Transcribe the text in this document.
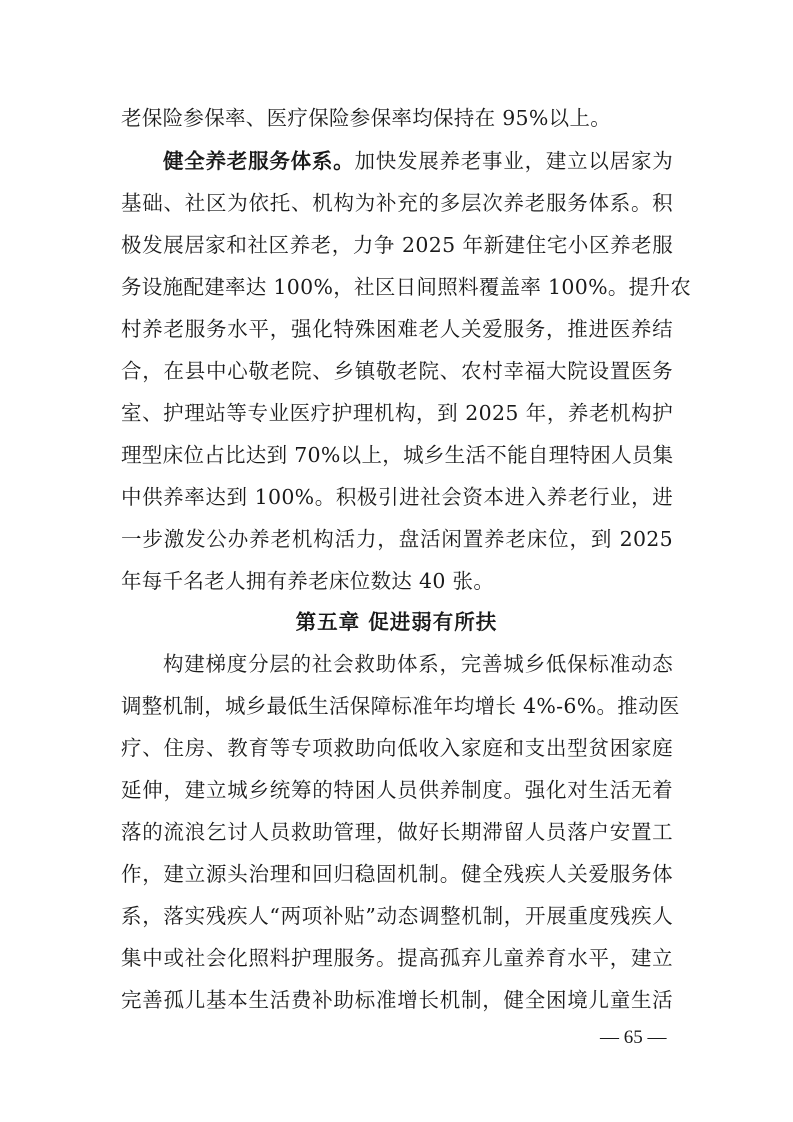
老保险参保率、医疗保险参保率均保持在 95%以上。
健全养老服务体系。加快发展养老事业，建立以居家为
基础、社区为依托、机构为补充的多层次养老服务体系。积
极发展居家和社区养老，力争 2025 年新建住宅小区养老服
务设施配建率达 100%，社区日间照料覆盖率 100%。提升农
村养老服务水平，强化特殊困难老人关爱服务，推进医养结
合，在县中心敬老院、乡镇敬老院、农村幸福大院设置医务
室、护理站等专业医疗护理机构，到 2025 年，养老机构护
理型床位占比达到 70%以上，城乡生活不能自理特困人员集
中供养率达到 100%。积极引进社会资本进入养老行业，进
一步激发公办养老机构活力，盘活闲置养老床位，到 2025
年每千名老人拥有养老床位数达 40 张。
第五章 促进弱有所扶
构建梯度分层的社会救助体系，完善城乡低保标准动态
调整机制，城乡最低生活保障标准年均增长 4%-6%。推动医
疗、住房、教育等专项救助向低收入家庭和支出型贫困家庭
延伸，建立城乡统筹的特困人员供养制度。强化对生活无着
落的流浪乞讨人员救助管理，做好长期滞留人员落户安置工
作，建立源头治理和回归稳固机制。健全残疾人关爱服务体
系，落实残疾人“两项补贴”动态调整机制，开展重度残疾人
集中或社会化照料护理服务。提高孤弃儿童养育水平，建立
完善孤儿基本生活费补助标准增长机制，健全困境儿童生活
— 65 —
